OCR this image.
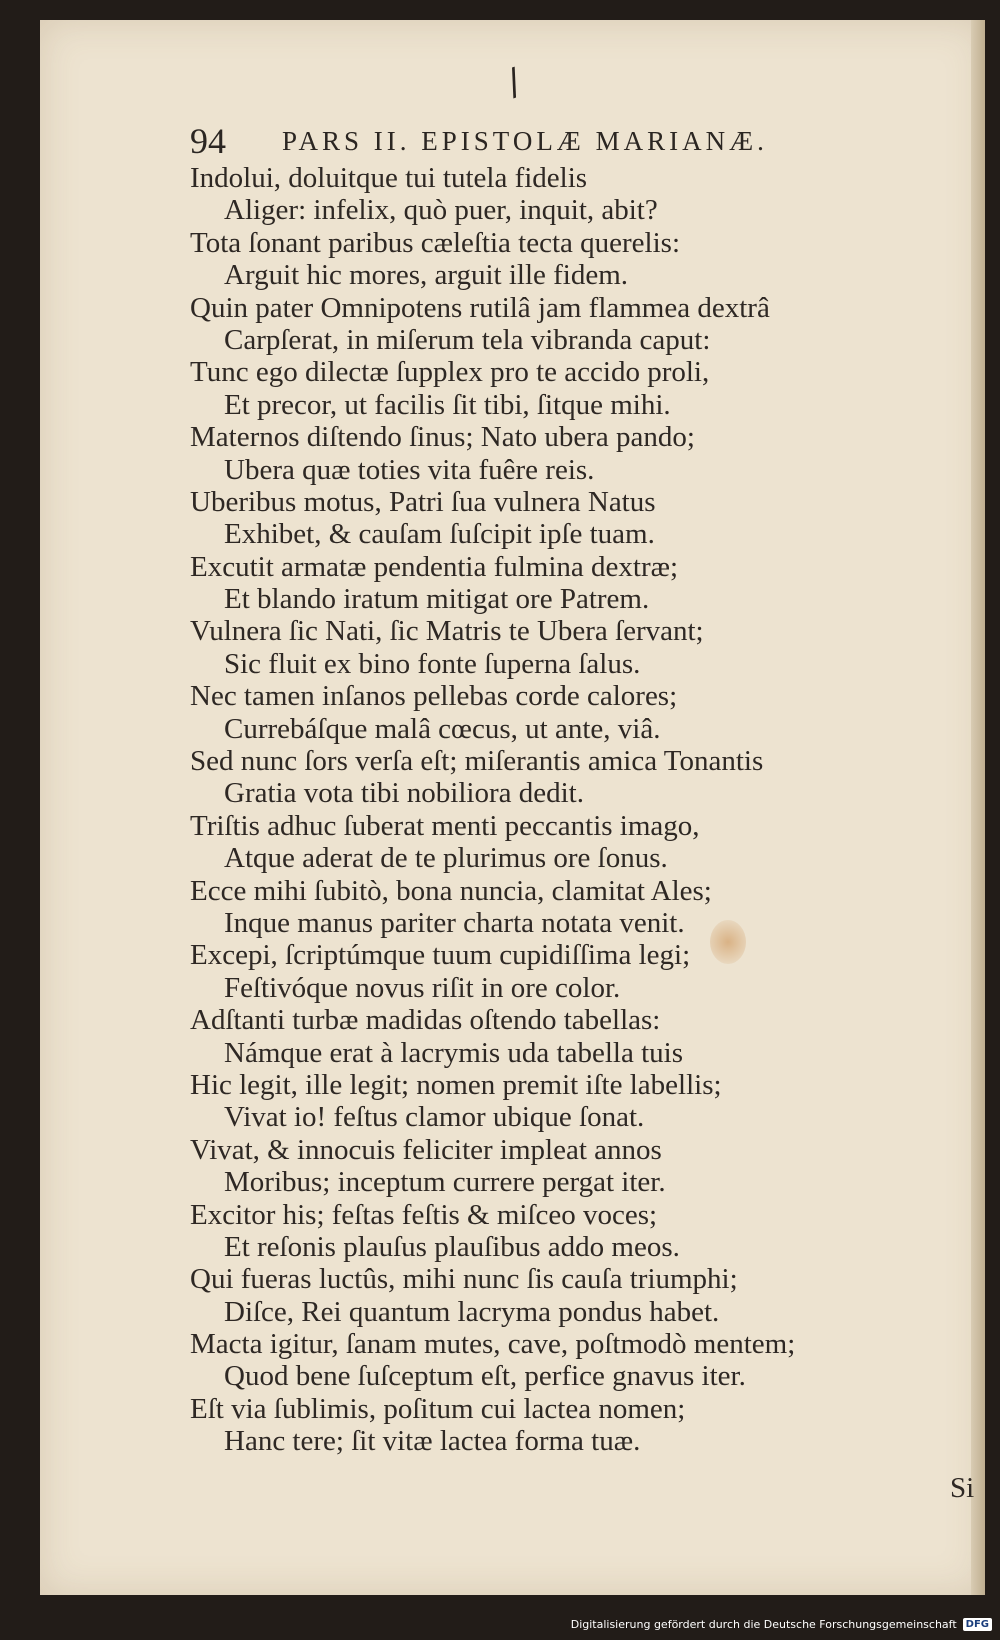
/
94 PARS II. EPISTOLÆ MARIANÆ.
Indolui, doluitque tui tutela fidelis
Aliger: infelix, quò puer, inquit, abit?
Tota ſonant paribus cæleſtia tecta querelis:
Arguit hic mores, arguit ille fidem.
Quin pater Omnipotens rutilâ jam flammea dextrâ
Carpſerat, in miſerum tela vibranda caput:
Tunc ego dilectæ ſupplex pro te accido proli,
Et precor, ut facilis ſit tibi, ſitque mihi.
Maternos diſtendo ſinus; Nato ubera pando;
Ubera quæ toties vita fuêre reis.
Uberibus motus, Patri ſua vulnera Natus
Exhibet, & cauſam ſuſcipit ipſe tuam.
Excutit armatæ pendentia fulmina dextræ;
Et blando iratum mitigat ore Patrem.
Vulnera ſic Nati, ſic Matris te Ubera ſervant;
Sic fluit ex bino fonte ſuperna ſalus.
Nec tamen inſanos pellebas corde calores;
Currebáſque malâ cœcus, ut ante, viâ.
Sed nunc ſors verſa eſt; miſerantis amica Tonantis
Gratia vota tibi nobiliora dedit.
Triſtis adhuc ſuberat menti peccantis imago,
Atque aderat de te plurimus ore ſonus.
Ecce mihi ſubitò, bona nuncia, clamitat Ales;
Inque manus pariter charta notata venit.
Excepi, ſcriptúmque tuum cupidiſſima legi;
Feſtivóque novus riſit in ore color.
Adſtanti turbæ madidas oſtendo tabellas:
Námque erat à lacrymis uda tabella tuis
Hic legit, ille legit; nomen premit iſte labellis;
Vivat io! feſtus clamor ubique ſonat.
Vivat, & innocuis feliciter impleat annos
Moribus; inceptum currere pergat iter.
Excitor his; feſtas feſtis & miſceo voces;
Et reſonis plauſus plauſibus addo meos.
Qui fueras luctûs, mihi nunc ſis cauſa triumphi;
Diſce, Rei quantum lacryma pondus habet.
Macta igitur, ſanam mutes, cave, poſtmodò mentem;
Quod bene ſuſceptum eſt, perfice gnavus iter.
Eſt via ſublimis, poſitum cui lactea nomen;
Hanc tere; ſit vitæ lactea forma tuæ.
Si
Digitalisierung gefördert durch die Deutsche Forschungsgemeinschaft DFG
